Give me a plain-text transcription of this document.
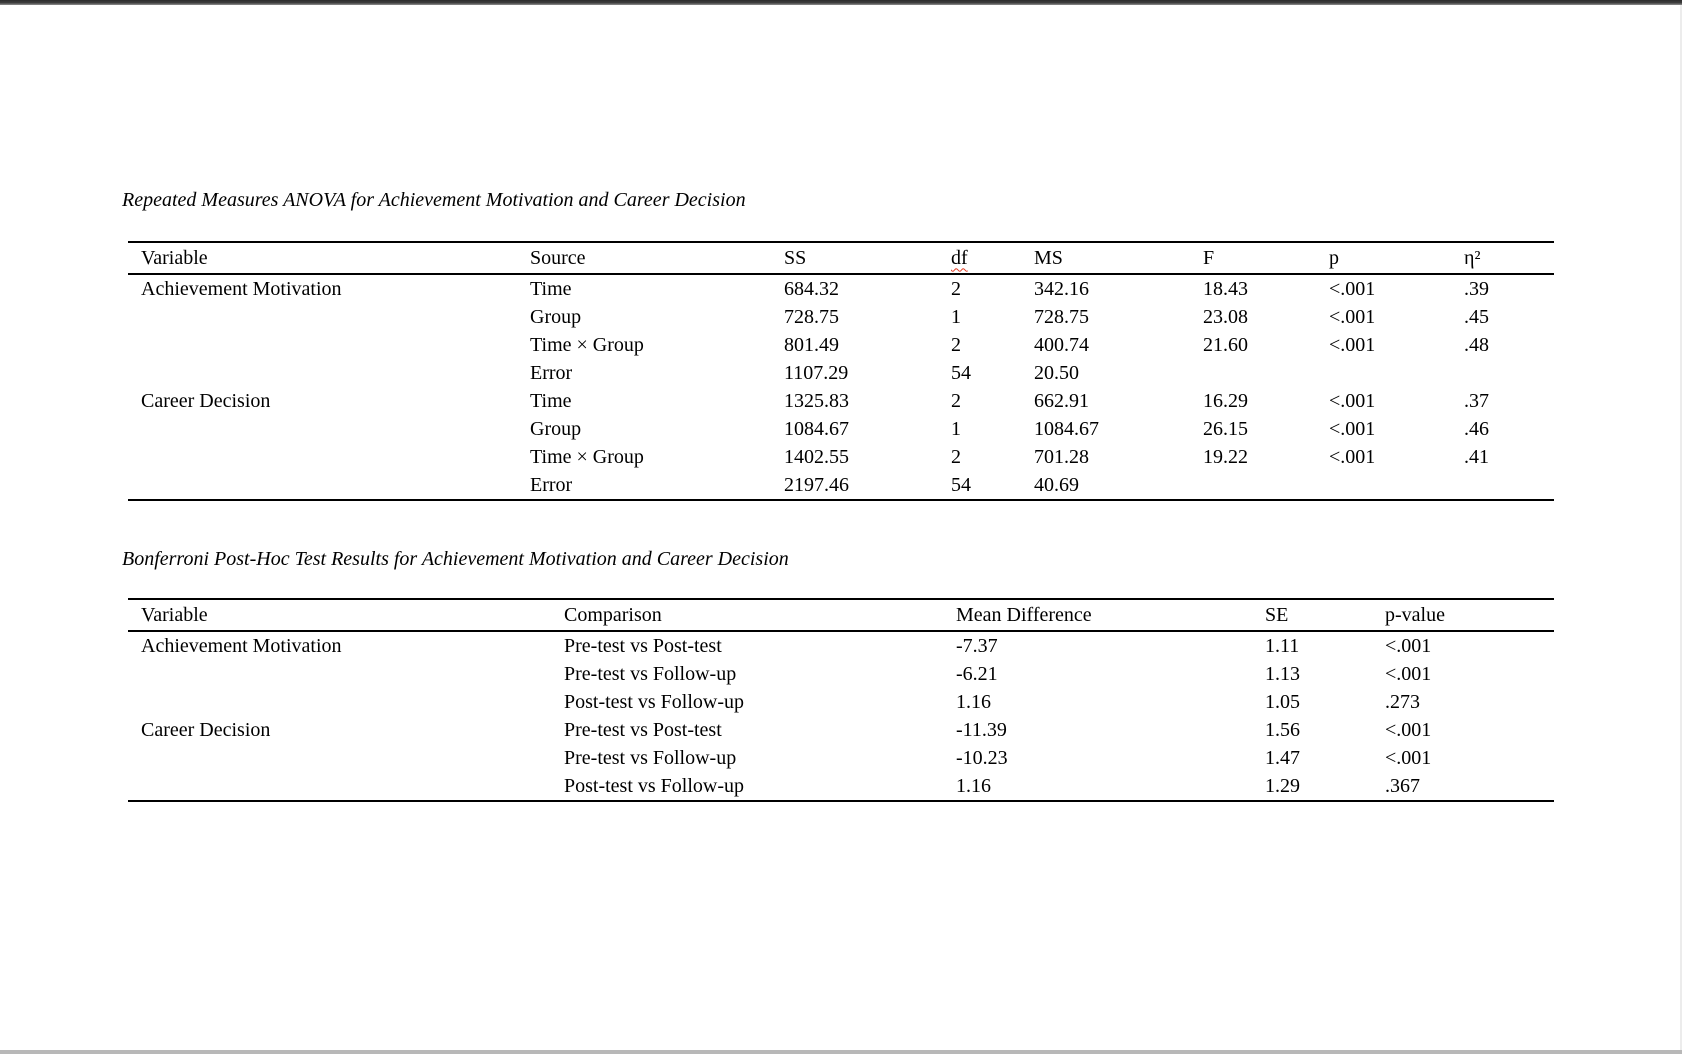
Repeated Measures ANOVA for Achievement Motivation and Career Decision
Variable	Source	SS	df	MS	F	p	η²
Achievement Motivation	Time	684.32	2	342.16	18.43	<.001	.39
	Group	728.75	1	728.75	23.08	<.001	.45
	Time × Group	801.49	2	400.74	21.60	<.001	.48
	Error	1107.29	54	20.50			
Career Decision	Time	1325.83	2	662.91	16.29	<.001	.37
	Group	1084.67	1	1084.67	26.15	<.001	.46
	Time × Group	1402.55	2	701.28	19.22	<.001	.41
	Error	2197.46	54	40.69			
Bonferroni Post-Hoc Test Results for Achievement Motivation and Career Decision
Variable	Comparison	Mean Difference	SE	p-value
Achievement Motivation	Pre-test vs Post-test	-7.37	1.11	<.001
	Pre-test vs Follow-up	-6.21	1.13	<.001
	Post-test vs Follow-up	1.16	1.05	.273
Career Decision	Pre-test vs Post-test	-11.39	1.56	<.001
	Pre-test vs Follow-up	-10.23	1.47	<.001
	Post-test vs Follow-up	1.16	1.29	.367
